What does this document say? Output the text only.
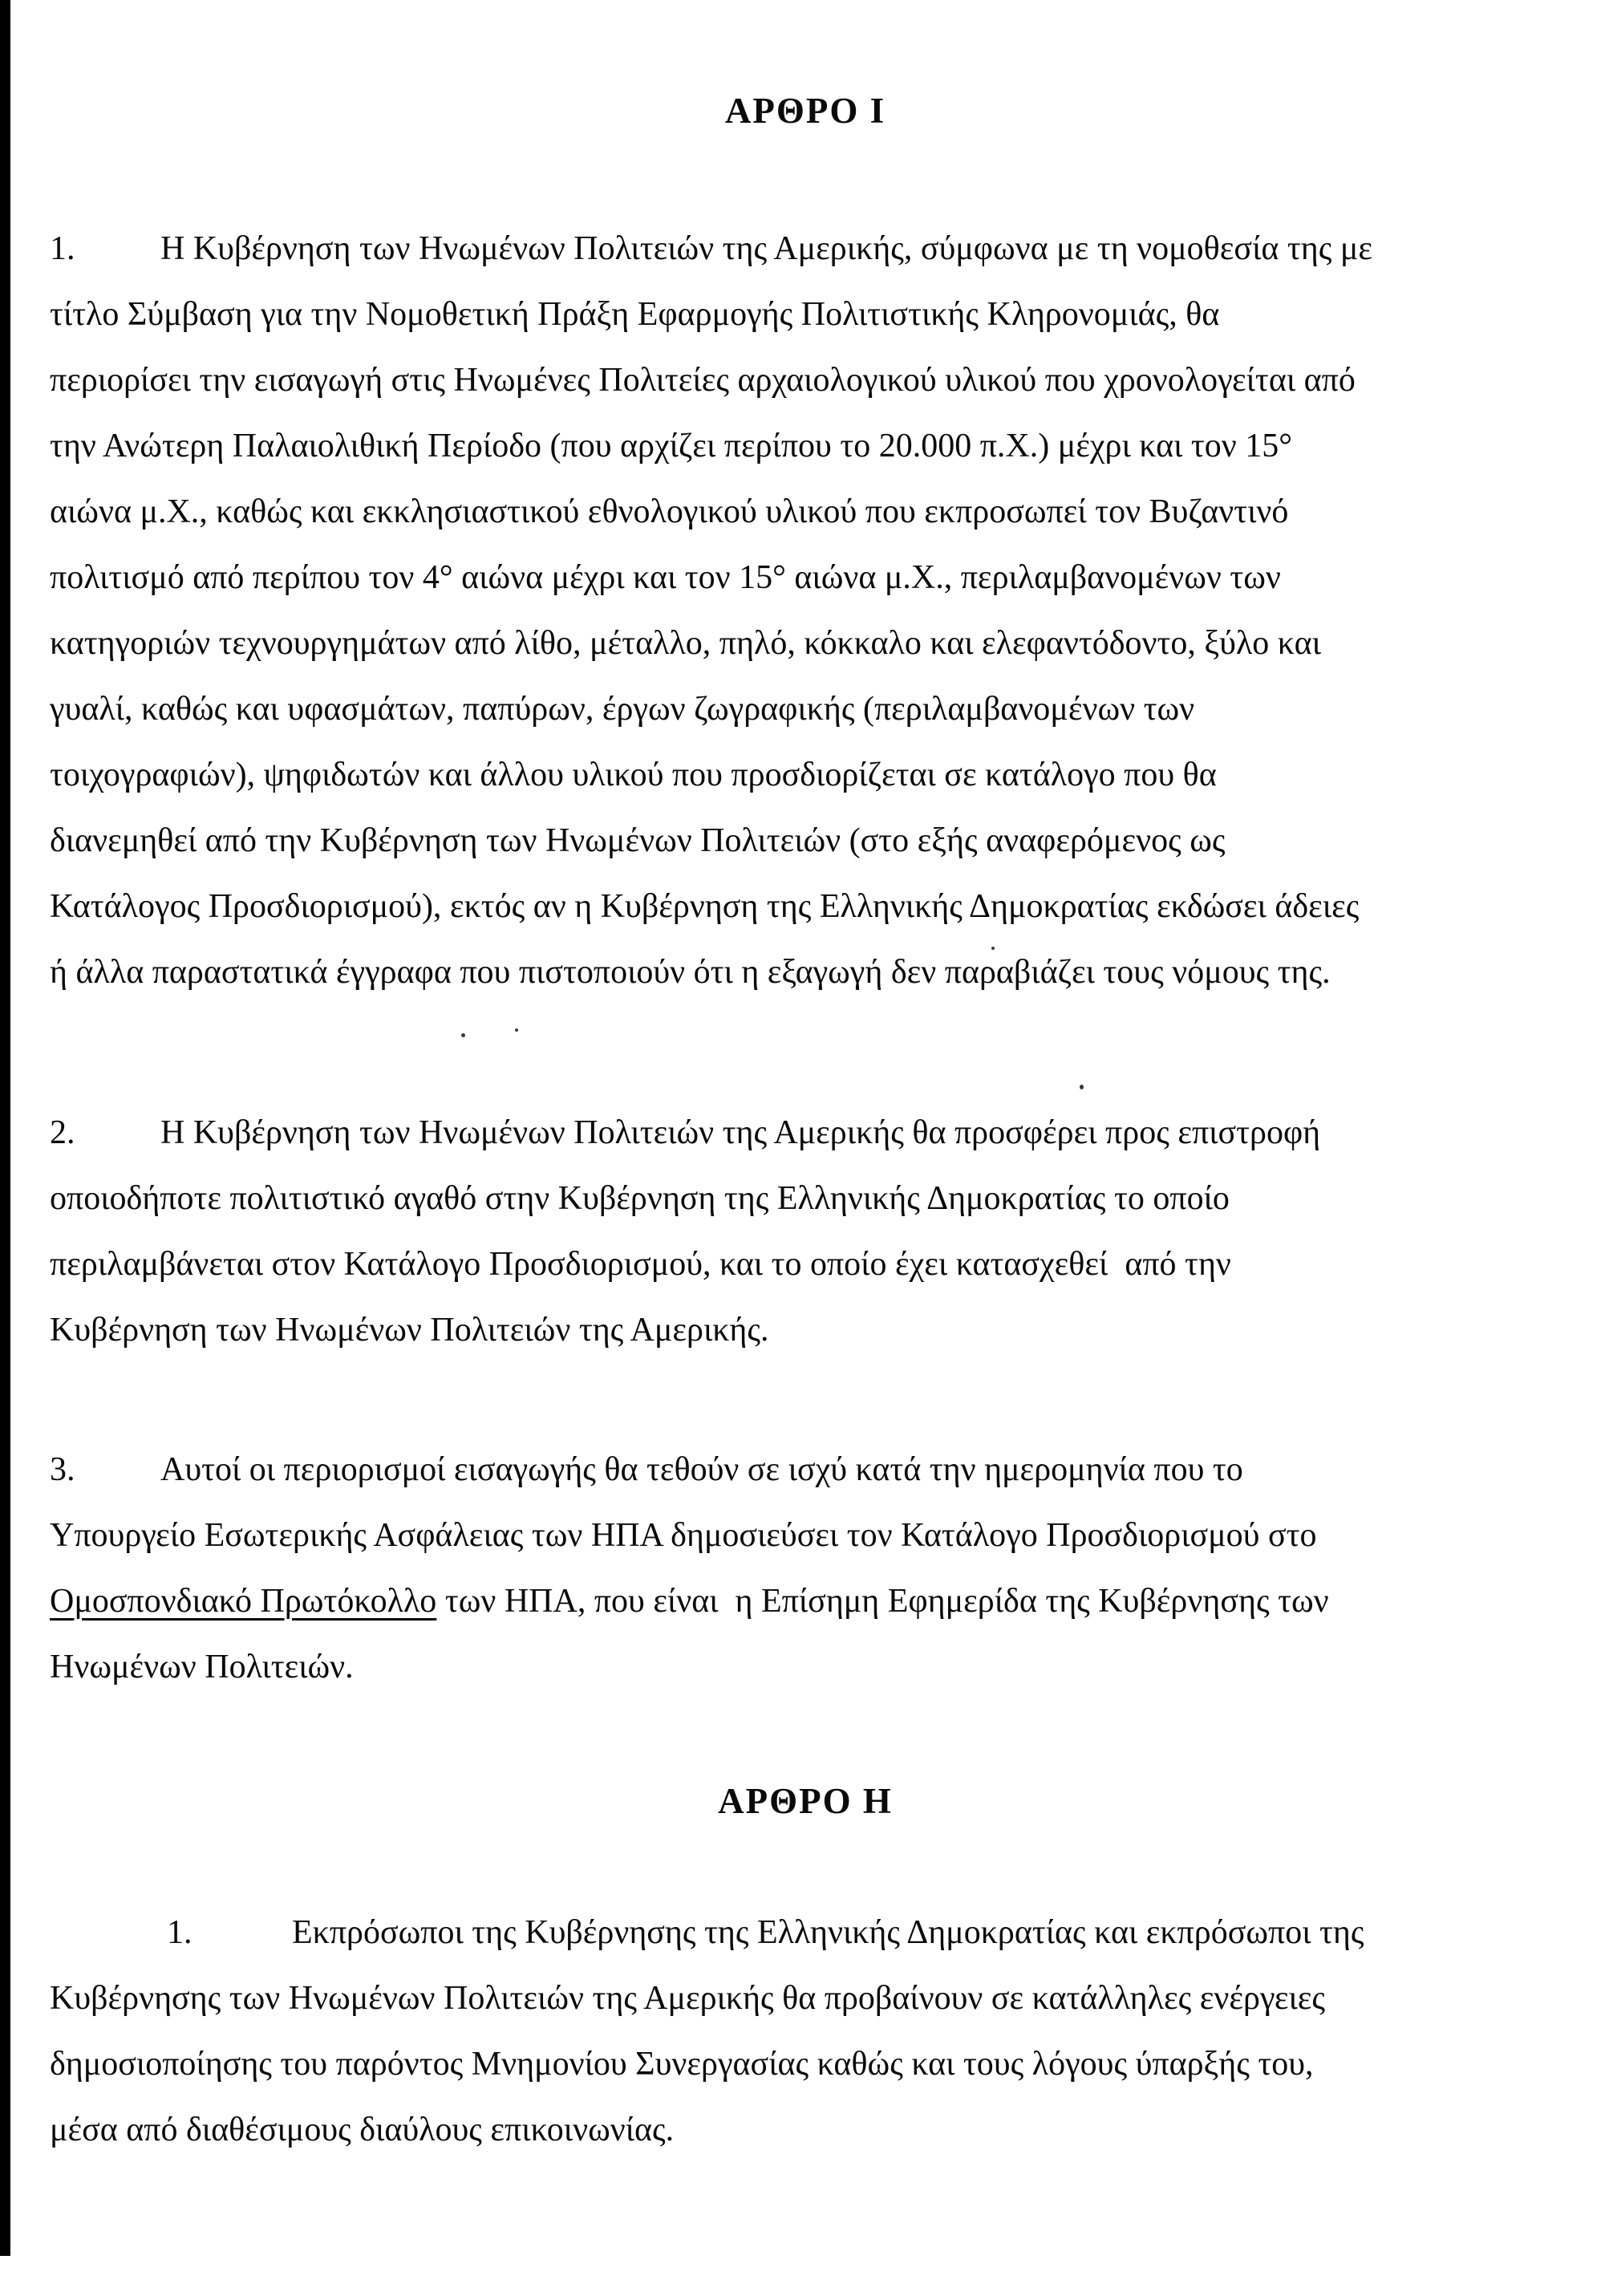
ΑΡΘΡΟ Ι
1.	Η Κυβέρνηση των Ηνωμένων Πολιτειών της Αμερικής, σύμφωνα με τη νομοθεσία της με
τίτλο Σύμβαση για την Νομοθετική Πράξη Εφαρμογής Πολιτιστικής Κληρονομιάς, θα
περιορίσει την εισαγωγή στις Ηνωμένες Πολιτείες αρχαιολογικού υλικού που χρονολογείται από
την Ανώτερη Παλαιολιθική Περίοδο (που αρχίζει περίπου το 20.000 π.Χ.) μέχρι και τον 15°
αιώνα μ.Χ., καθώς και εκκλησιαστικού εθνολογικού υλικού που εκπροσωπεί τον Βυζαντινό
πολιτισμό από περίπου τον 4° αιώνα μέχρι και τον 15° αιώνα μ.Χ., περιλαμβανομένων των
κατηγοριών τεχνουργημάτων από λίθο, μέταλλο, πηλό, κόκκαλο και ελεφαντόδοντο, ξύλο και
γυαλί, καθώς και υφασμάτων, παπύρων, έργων ζωγραφικής (περιλαμβανομένων των
τοιχογραφιών), ψηφιδωτών και άλλου υλικού που προσδιορίζεται σε κατάλογο που θα
διανεμηθεί από την Κυβέρνηση των Ηνωμένων Πολιτειών (στο εξής αναφερόμενος ως
Κατάλογος Προσδιορισμού), εκτός αν η Κυβέρνηση της Ελληνικής Δημοκρατίας εκδώσει άδειες
ή άλλα παραστατικά έγγραφα που πιστοποιούν ότι η εξαγωγή δεν παραβιάζει τους νόμους της.
2.	Η Κυβέρνηση των Ηνωμένων Πολιτειών της Αμερικής θα προσφέρει προς επιστροφή
οποιοδήποτε πολιτιστικό αγαθό στην Κυβέρνηση της Ελληνικής Δημοκρατίας το οποίο
περιλαμβάνεται στον Κατάλογο Προσδιορισμού, και το οποίο έχει κατασχεθεί  από την
Κυβέρνηση των Ηνωμένων Πολιτειών της Αμερικής.
3.	Αυτοί οι περιορισμοί εισαγωγής θα τεθούν σε ισχύ κατά την ημερομηνία που το
Υπουργείο Εσωτερικής Ασφάλειας των ΗΠΑ δημοσιεύσει τον Κατάλογο Προσδιορισμού στο
Ομοσπονδιακό Πρωτόκολλο των ΗΠΑ, που είναι  η Επίσημη Εφημερίδα της Κυβέρνησης των
Ηνωμένων Πολιτειών.
ΑΡΘΡΟ Η
1.	Εκπρόσωποι της Κυβέρνησης της Ελληνικής Δημοκρατίας και εκπρόσωποι της
Κυβέρνησης των Ηνωμένων Πολιτειών της Αμερικής θα προβαίνουν σε κατάλληλες ενέργειες
δημοσιοποίησης του παρόντος Μνημονίου Συνεργασίας καθώς και τους λόγους ύπαρξής του,
μέσα από διαθέσιμους διαύλους επικοινωνίας.
